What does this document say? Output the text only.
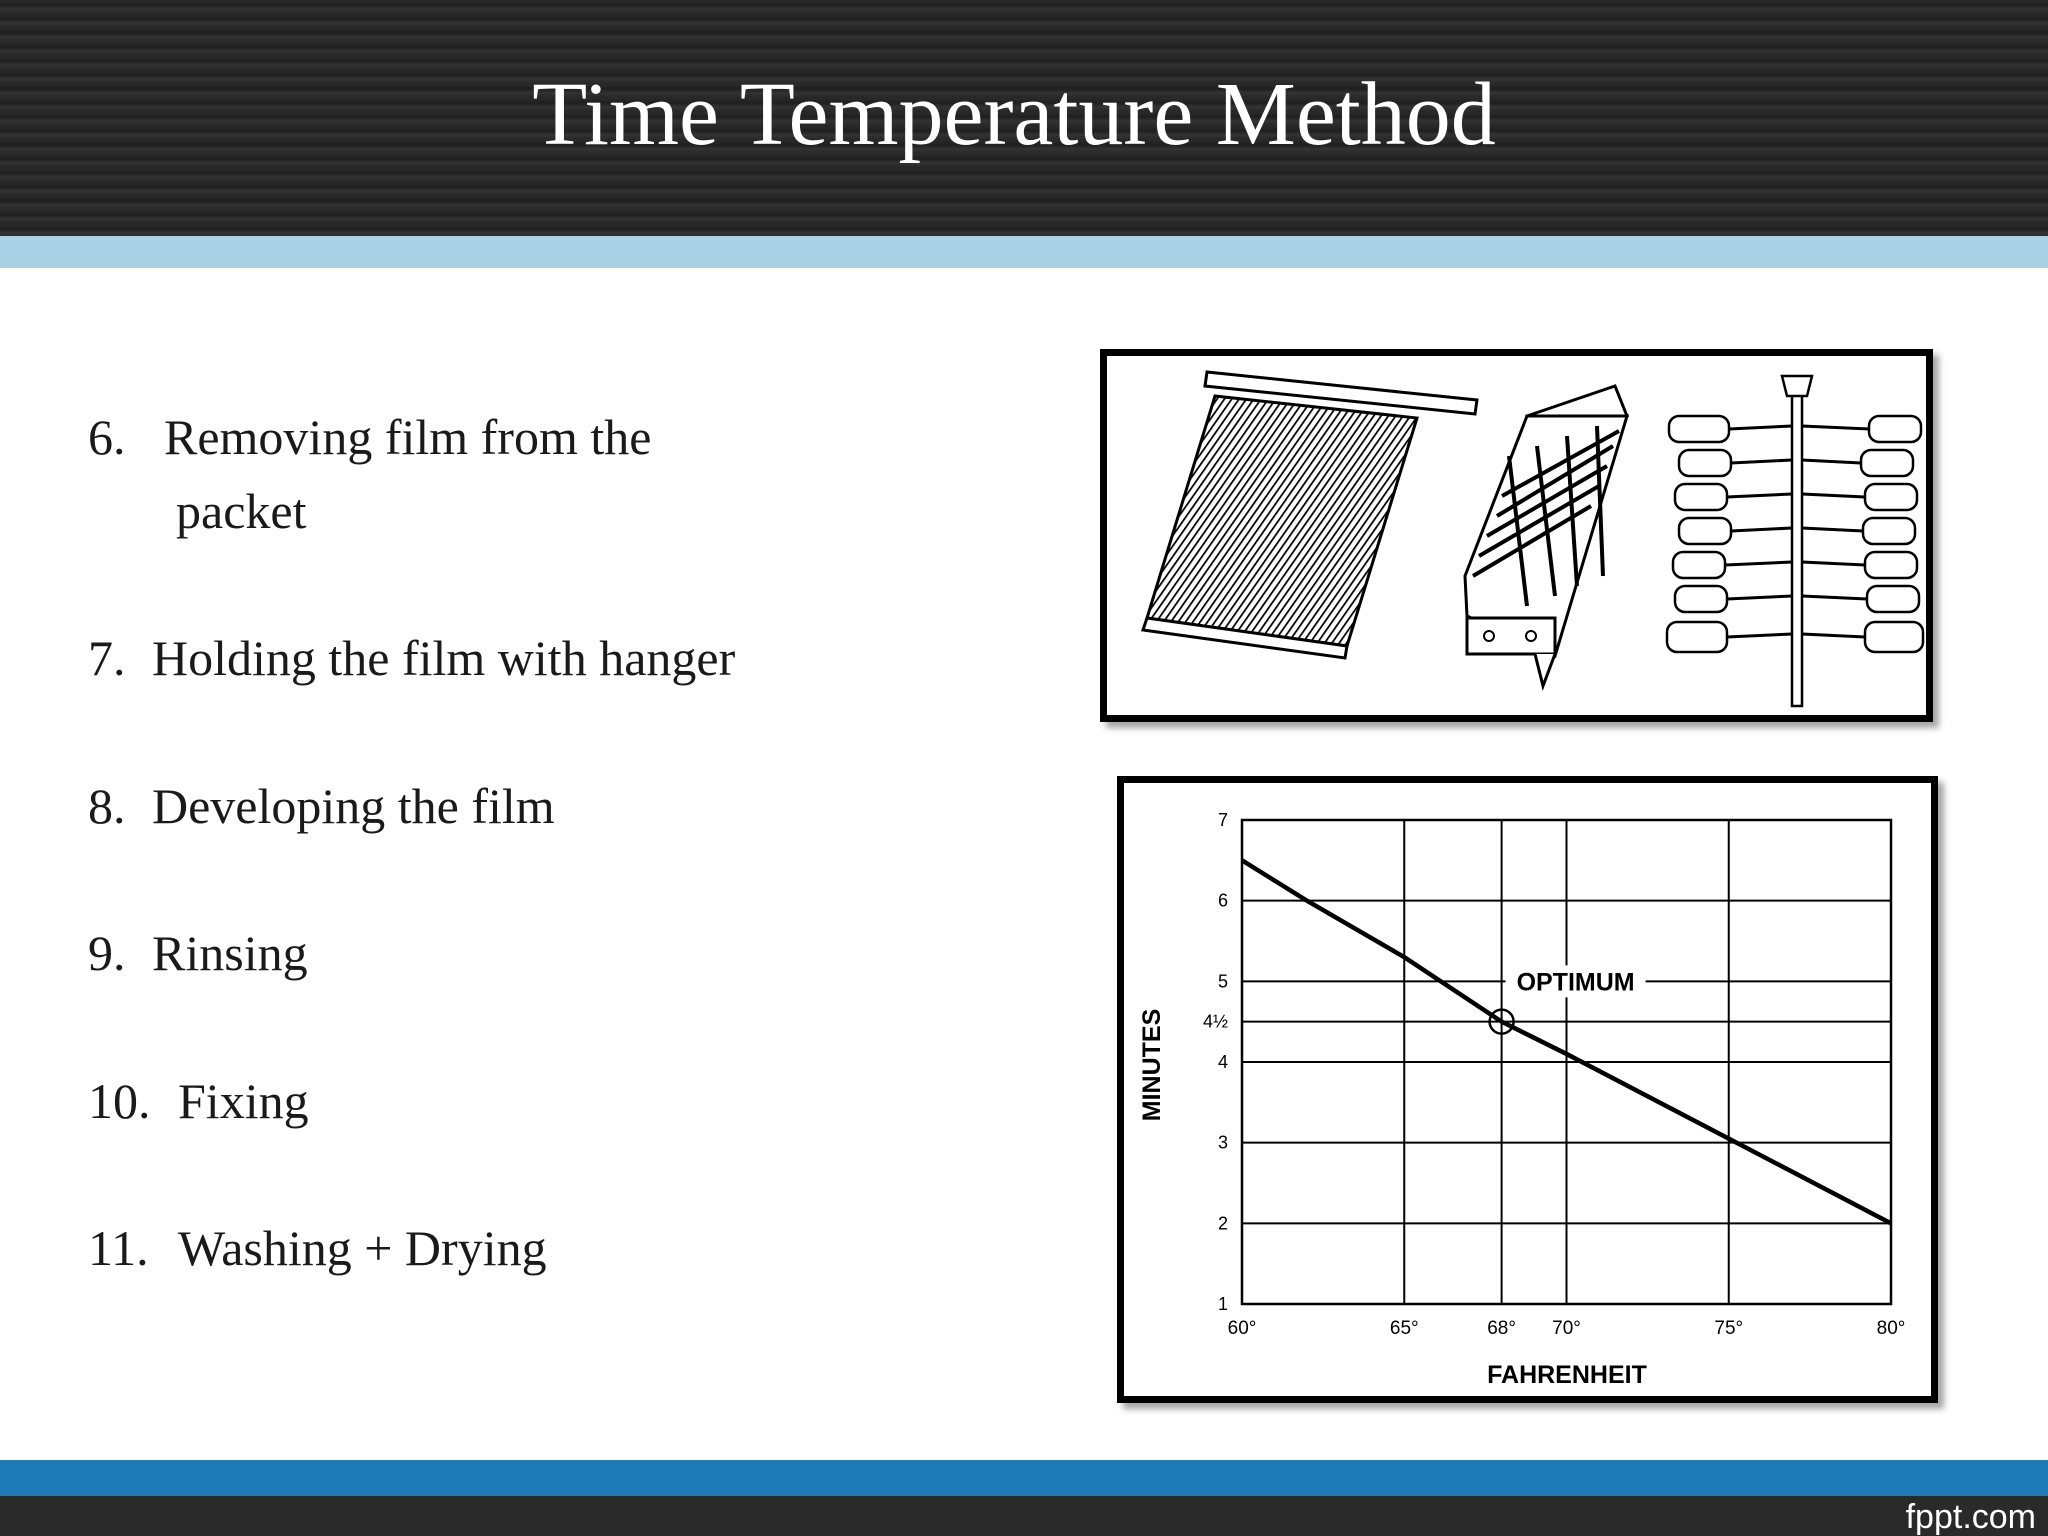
Time Temperature Method
6. Removing film from the
packet
7. Holding the film with hanger
8. Developing the film
9. Rinsing
10. Fixing
11. Washing + Drying
60°	65°	68° 70°	75°	80°
1
2
3
4
4½
5
6
7
OPTIMUM
FAHRENHEIT
MINUTES
fppt.com
